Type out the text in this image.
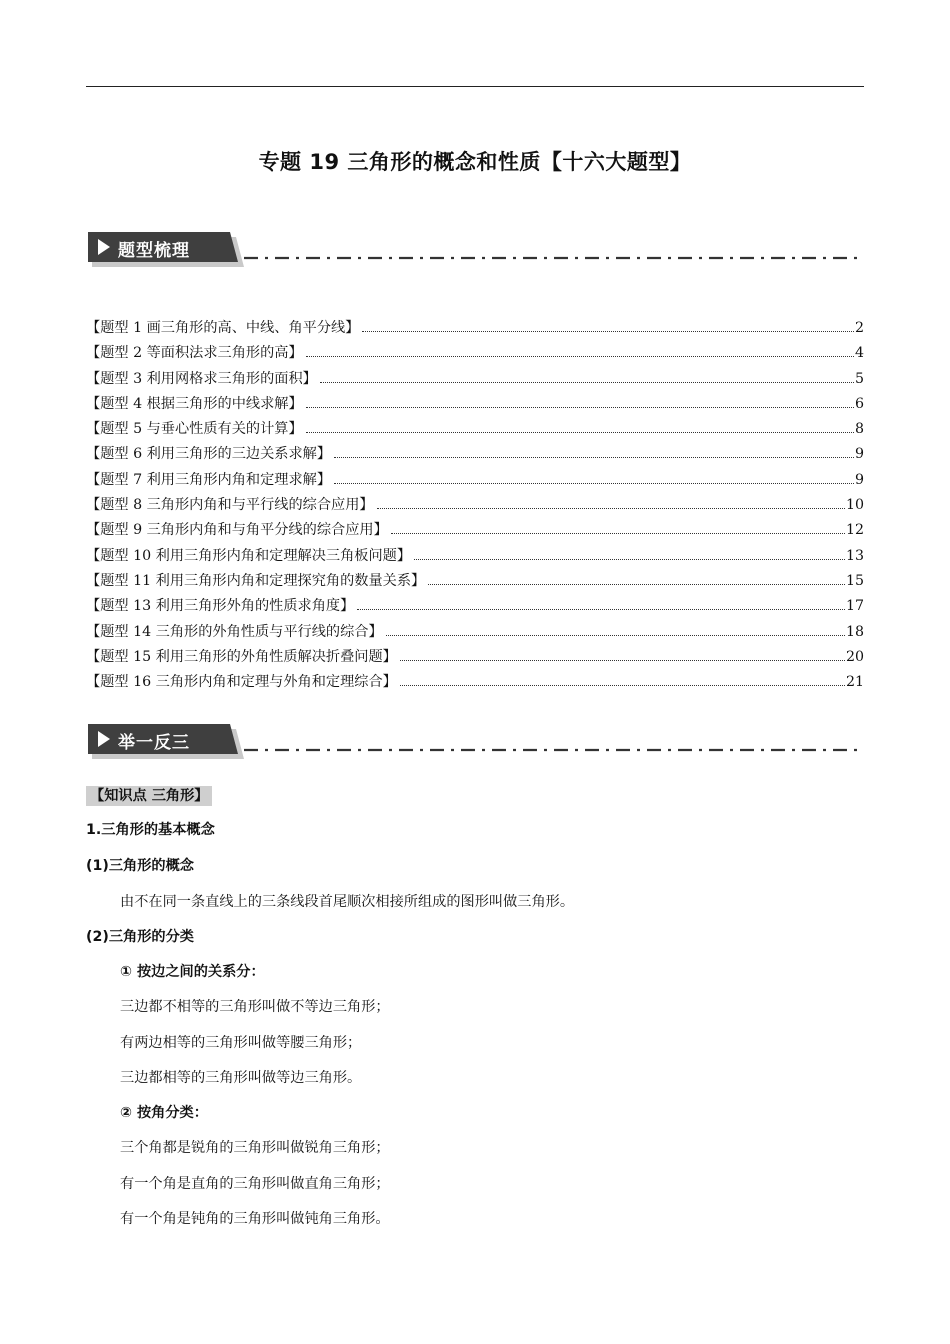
专题 19 三角形的概念和性质【十六大题型】
题型梳理
【题型 1 画三角形的高、中线、角平分线】	2
【题型 2 等面积法求三角形的高】	4
【题型 3 利用网格求三角形的面积】	5
【题型 4 根据三角形的中线求解】	6
【题型 5 与垂心性质有关的计算】	8
【题型 6 利用三角形的三边关系求解】	9
【题型 7 利用三角形内角和定理求解】	9
【题型 8 三角形内角和与平行线的综合应用】	10
【题型 9 三角形内角和与角平分线的综合应用】	12
【题型 10 利用三角形内角和定理解决三角板问题】	13
【题型 11 利用三角形内角和定理探究角的数量关系】	15
【题型 13 利用三角形外角的性质求角度】	17
【题型 14 三角形的外角性质与平行线的综合】	18
【题型 15 利用三角形的外角性质解决折叠问题】	20
【题型 16 三角形内角和定理与外角和定理综合】	21
举一反三
【知识点 三角形】
1.三角形的基本概念
(1)三角形的概念
由不在同一条直线上的三条线段首尾顺次相接所组成的图形叫做三角形。
(2)三角形的分类
① 按边之间的关系分：
三边都不相等的三角形叫做不等边三角形；
有两边相等的三角形叫做等腰三角形；
三边都相等的三角形叫做等边三角形。
② 按角分类：
三个角都是锐角的三角形叫做锐角三角形；
有一个角是直角的三角形叫做直角三角形；
有一个角是钝角的三角形叫做钝角三角形。
